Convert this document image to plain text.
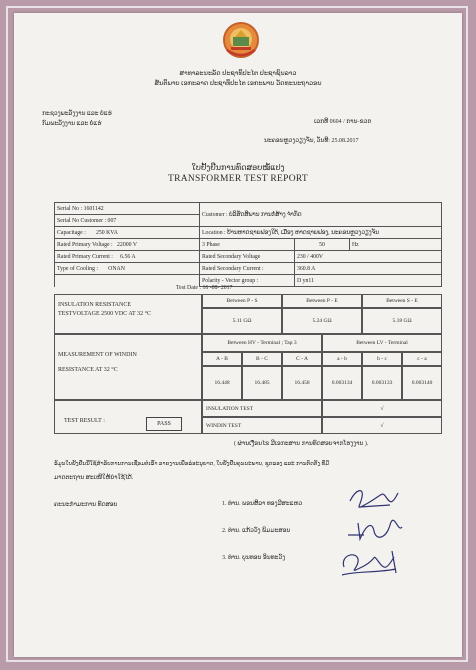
ສາທາລະນະລັດ ປະຊາທິປະໄຕ ປະຊາຊົນລາວ
ສັນຕິພາບ ເອກະລາດ ປະຊາທິປະໄຕ ເອກະພາບ ວັດທະນະຖາວອນ
ກະຊວງພະລັງງານ ແລະ ບໍ່ແຮ່
ກົມພະລັງງານ ແລະ ບໍ່ແຮ່	ເລກທີ 0604 / ການ-ຂວກ
ນະຄອນຫຼວງວຽງຈັນ, ວັນທີ: 25.08.2017
ໃບຢັ້ງຢືນການທົດສອບໝໍ້ແປງ
TRANSFORMER TEST REPORT
Serial No : 1601142	Customer : ບໍລິສັດສີພານ ການກໍ່ສ້າງ ຈຳກັດ		
Serial No Customer : 007			
Capacitage : 250 KVA	Location : ບ້ານຫາດຊາຍຟອງໃຕ້, ເມືອງ ຫາດຊາຍຟອງ, ນະຄອນຫຼວງວຽງຈັນ		
Rated Primary Voltage : 22000 V	3 Phase	50	Hz
Rated Primary Current : 6.56 A	Rated Secondary Voltage	230 / 400V	
Type of Cooling : ONAN	Rated Secondary Current :	360.8 A	
	Polarity - Vector group :	D yn11	
Test Date : 16 -08- 2017
INSULATION RESISTANCE
TESTVOLTAGE 2500 VDC AT 32 °C
Between P - S	Between P - E	Between S - E
5.11 GΩ	5.24 GΩ	5.18 GΩ
MEASUREMENT OF WINDIN
RESISTANCE AT 32 °C
Between HV - Terminal ; Tap 3	Between LV - Terminal
A - B	B - C	C - A	a - b	b - c	c - a
16.448	16.485	16.458	0.003134	0.003133	0.003140
TEST RESULT :	PASS
INSULATION TEST	√
WINDIN TEST	√
( ຜ່ານເງື່ອນໄຂ ມີເອກະສານ ການທົດສອບຈາກໂຮງງານ ).
ຂໍ້ມູນໃບຢັ້ງຢືນນີ້ໃຊ້ສຳລັບການການເຊື່ອມຕໍ່ເຂົ້າ ລາຍງານເພື່ອຂໍອະນຸຍາດ, ໃບຢັ້ງຢືນຄຸນນະພາບ, ຊຸດຂອງ ແລະ ການຕິດຕັ້ງ ທີ່ມີ
ມາດຕະຖານ ສະເໜີໃຫ້ນຳໃຊ້ໄດ້.
ຄະນະກຳມະການ ທົດສອບ	1. ທ່ານ. ພອນສີລາ ທອງມີສະແຫວ
2. ທ່ານ. ແກ້ວວົງ ພິມມະສອນ
3. ທ່ານ. ບຸນທອນ ອິນທະວົງ
